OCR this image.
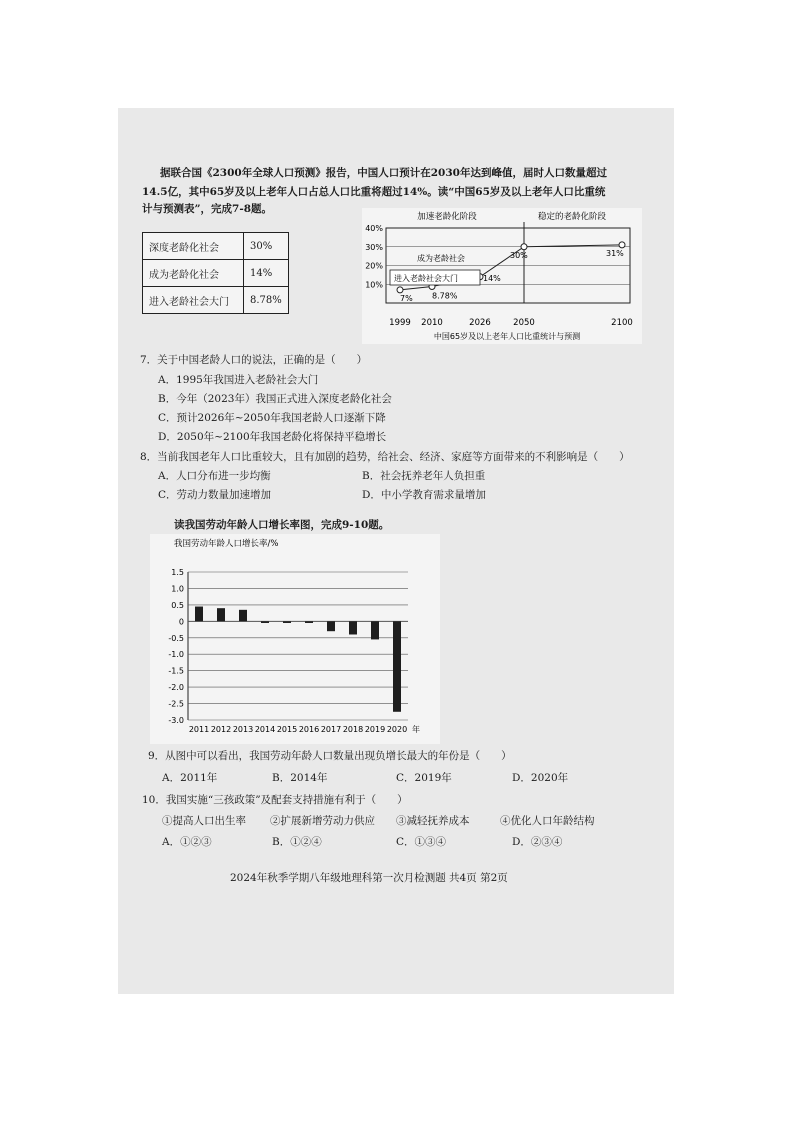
据联合国《2300年全球人口预测》报告，中国人口预计在2030年达到峰值，届时人口数量超过
14.5亿，其中65岁及以上老年人口占总人口比重将超过14%。读“中国65岁及以上老年人口比重统
计与预测表”，完成7-8题。
深度老龄化社会	30%
成为老龄化社会	14%
进入老龄社会大门	8.78%
加速老龄化阶段	稳定的老龄化阶段
10%
20%
30%
40%
7%
1999
8.78%
2010
14%
2026
30%
2050
31%
2100
成为老龄社会
进入老龄社会大门
中国65岁及以上老年人口比重统计与预测
7．关于中国老龄人口的说法，正确的是（　　）
A．1995年我国进入老龄社会大门
B．今年（2023年）我国正式进入深度老龄化社会
C．预计2026年~2050年我国老龄人口逐渐下降
D．2050年~2100年我国老龄化将保持平稳增长
8．当前我国老年人口比重较大，且有加剧的趋势，给社会、经济、家庭等方面带来的不利影响是（　　）
A．人口分布进一步均衡	B．社会抚养老年人负担重
C．劳动力数量加速增加	D．中小学教育需求量增加
读我国劳动年龄人口增长率图，完成9-10题。
我国劳动年龄人口增长率/%
1.5
1.0
0.5
0
-0.5
-1.0
-1.5
-2.0
-2.5
-3.0
2011 2012 2013 2014 2015 2016 2017 2018 2019 2020 年
9．从图中可以看出，我国劳动年龄人口数量出现负增长最大的年份是（　　）
A．2011年	B．2014年	C．2019年	D．2020年
10．我国实施“三孩政策”及配套支持措施有利于（　　）
①提高人口出生率 ②扩展新增劳动力供应 ③减轻抚养成本	④优化人口年龄结构
A．①②③	B．①②④	C．①③④	D．②③④
2024年秋季学期八年级地理科第一次月检测题 共4页 第2页
